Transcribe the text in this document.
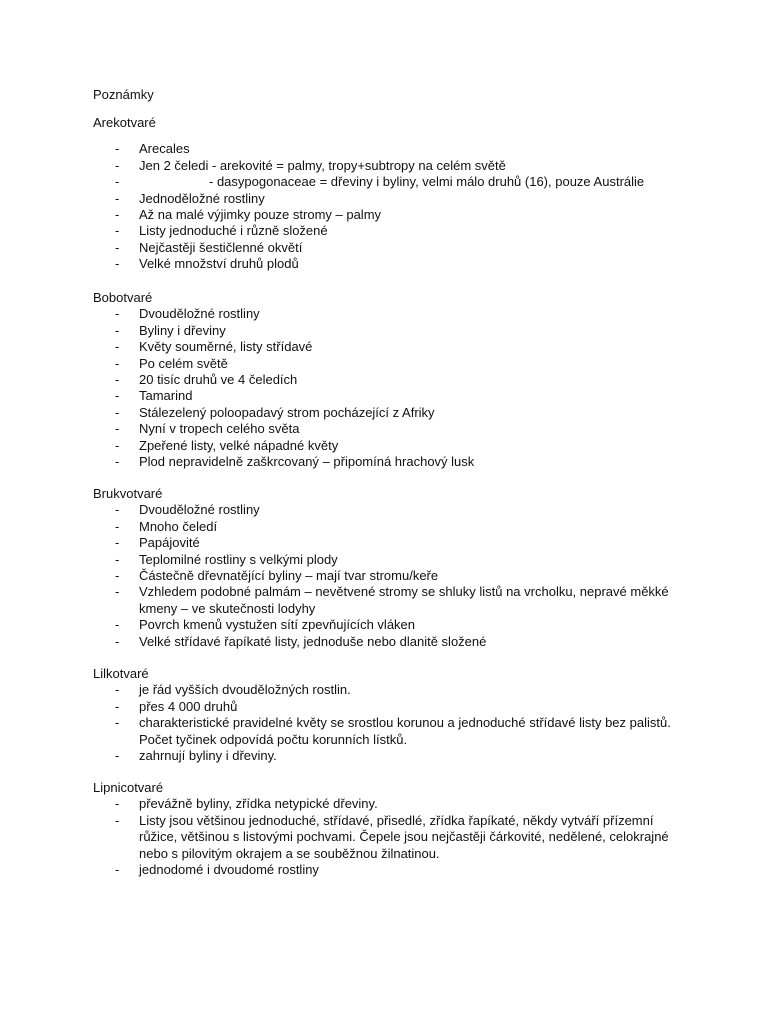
Poznámky

Arekotvaré

- Arecales
- Jen 2 čeledi - arekovité = palmy, tropy+subtropy na celém světě
-	- dasypogonaceae = dřeviny i byliny, velmi málo druhů (16), pouze Austrálie
- Jednoděložné rostliny
- Až na malé výjimky pouze stromy – palmy
- Listy jednoduché i různě složené
- Nejčastěji šestičlenné okvětí
- Velké množství druhů plodů

Bobotvaré

- Dvouděložné rostliny
- Byliny i dřeviny
- Květy souměrné, listy střídavé
- Po celém světě
- 20 tisíc druhů ve 4 čeledích
- Tamarind
- Stálezelený poloopadavý strom pocházející z Afriky
- Nyní v tropech celého světa
- Zpeřené listy, velké nápadné květy
- Plod nepravidelně zaškrcovaný – připomíná hrachový lusk

Brukvotvaré

- Dvouděložné rostliny
- Mnoho čeledí
- Papájovité
- Teplomilné rostliny s velkými plody
- Částečně dřevnatějící byliny – mají tvar stromu/keře
- Vzhledem podobné palmám – nevětvené stromy se shluky listů na vrcholku, nepravé měkké kmeny – ve skutečnosti lodyhy
- Povrch kmenů vystužen sítí zpevňujících vláken
- Velké střídavé řapíkaté listy, jednoduše nebo dlanitě složené

Lilkotvaré

- je řád vyšších dvouděložných rostlin.
- přes 4 000 druhů
- charakteristické pravidelné květy se srostlou korunou a jednoduché střídavé listy bez palistů. Počet tyčinek odpovídá počtu korunních lístků.
- zahrnují byliny i dřeviny.

Lipnicotvaré

- převážně byliny, zřídka netypické dřeviny.
- Listy jsou většinou jednoduché, střídavé, přisedlé, zřídka řapíkaté, někdy vytváří přízemní růžice, většinou s listovými pochvami. Čepele jsou nejčastěji čárkovité, nedělené, celokrajné nebo s pilovitým okrajem a se souběžnou žilnatinou.
- jednodomé i dvoudomé rostliny
